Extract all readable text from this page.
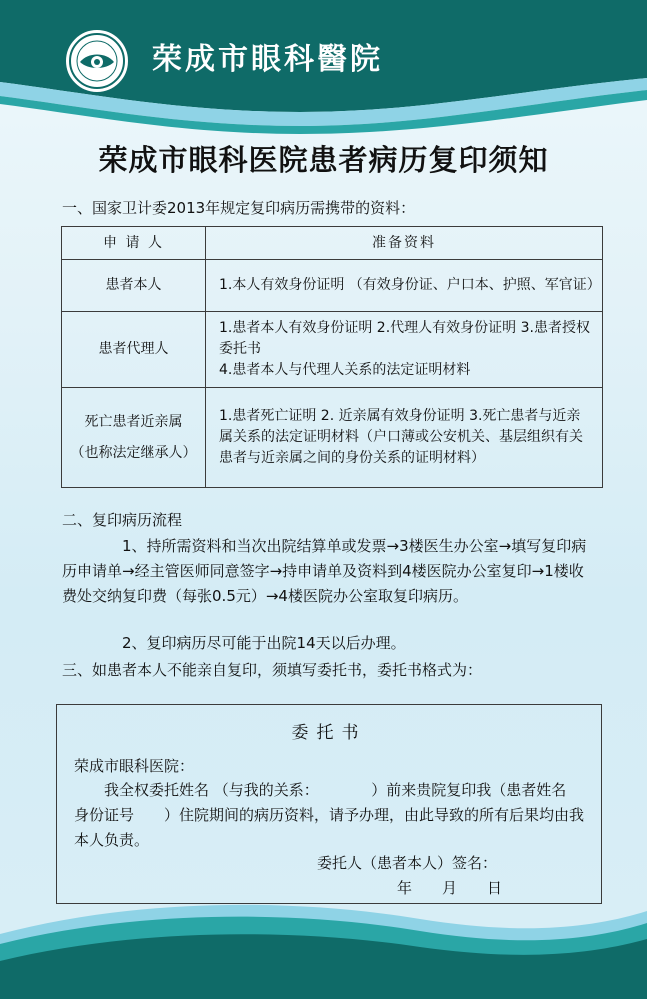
荣成市眼科醫院
荣成市眼科医院患者病历复印须知
一、国家卫计委2013年规定复印病历需携带的资料：
申 请 人	准备资料
患者本人	1.本人有效身份证明 （有效身份证、户口本、护照、军官证）
患者代理人	1.患者本人有效身份证明 2.代理人有效身份证明 3.患者授权委托书
4.患者本人与代理人关系的法定证明材料

死亡患者近亲属
（也称法定继承人）	1.患者死亡证明 2. 近亲属有效身份证明 3.死亡患者与近亲属关系的法定证明材料（户口薄或公安机关、基层组织有关患者与近亲属之间的身份关系的证明材料）
二、复印病历流程
1、持所需资料和当次出院结算单或发票→3楼医生办公室→填写复印病历申请单→经主管医师同意签字→持申请单及资料到4楼医院办公室复印→1楼收费处交纳复印费（每张0.5元）→4楼医院办公室取复印病历。
2、复印病历尽可能于出院14天以后办理。
三、如患者本人不能亲自复印，须填写委托书，委托书格式为：
委托书
荣成市眼科医院：
我全权委托姓名 （与我的关系：　　　　）前来贵院复印我（患者姓名　　身份证号　　）住院期间的病历资料，请予办理，由此导致的所有后果均由我本人负责。
委托人（患者本人）签名：
年　　月　　日
